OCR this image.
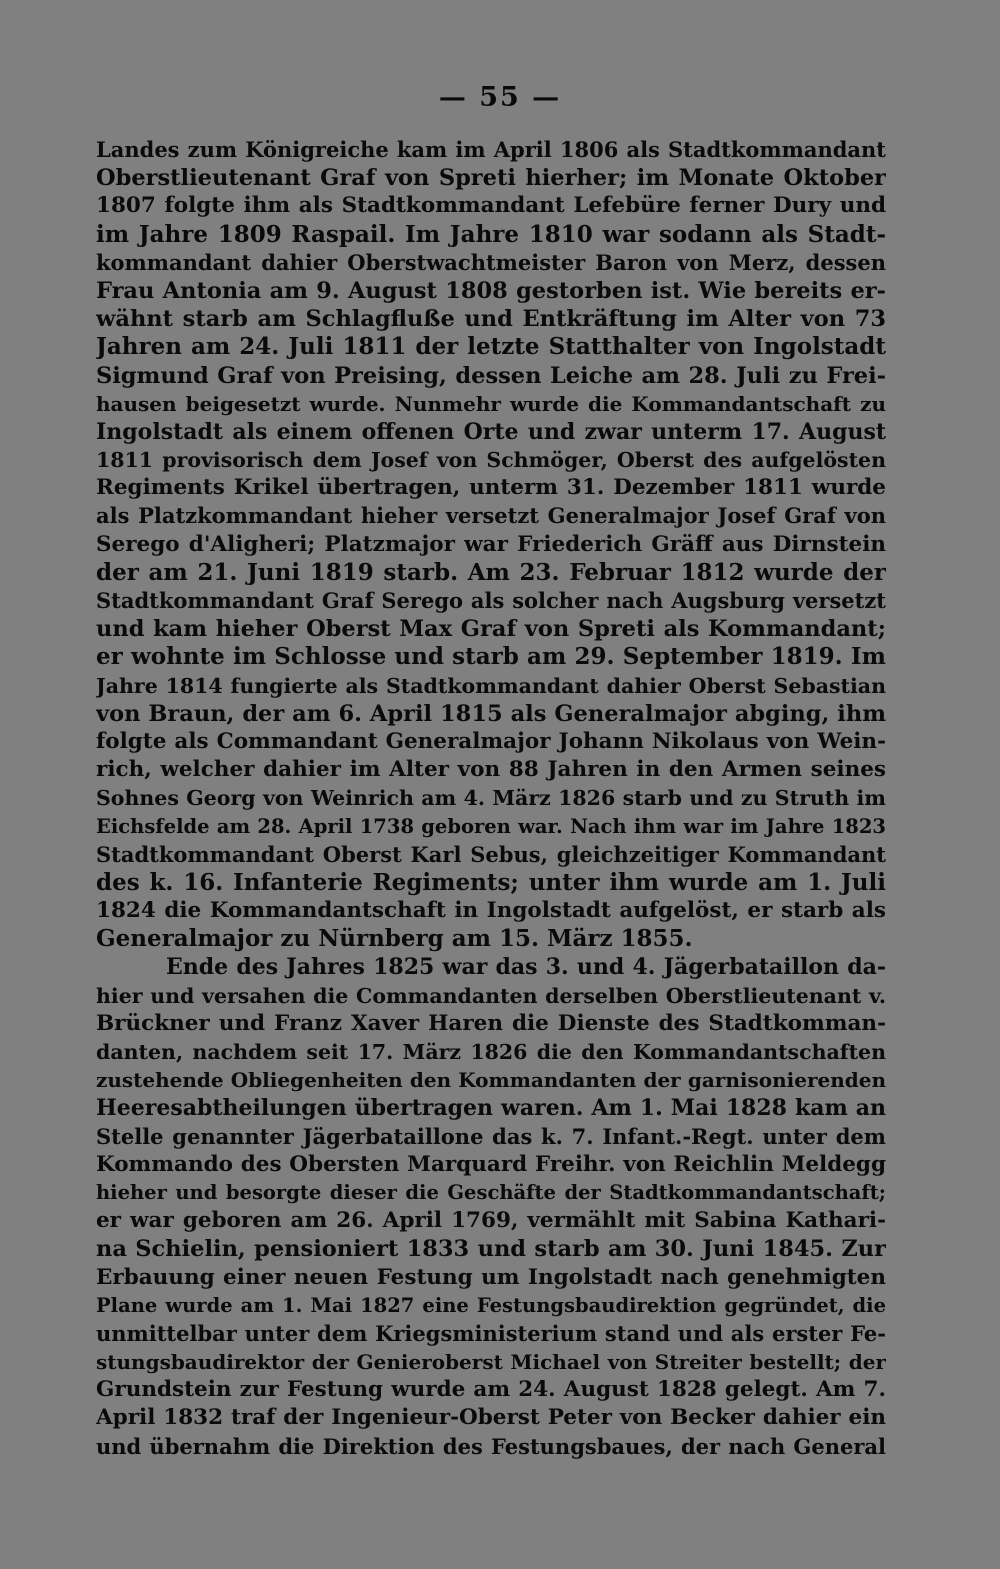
— 55 —
Landes zum Königreiche kam im April 1806 als Stadtkommandant
Oberstlieutenant Graf von Spreti hierher; im Monate Oktober
1807 folgte ihm als Stadtkommandant Lefebüre ferner Dury und
im Jahre 1809 Raspail. Im Jahre 1810 war sodann als Stadt-
kommandant dahier Oberstwachtmeister Baron von Merz, dessen
Frau Antonia am 9. August 1808 gestorben ist. Wie bereits er-
wähnt starb am Schlagfluße und Entkräftung im Alter von 73
Jahren am 24. Juli 1811 der letzte Statthalter von Ingolstadt
Sigmund Graf von Preising, dessen Leiche am 28. Juli zu Frei-
hausen beigesetzt wurde. Nunmehr wurde die Kommandantschaft zu
Ingolstadt als einem offenen Orte und zwar unterm 17. August
1811 provisorisch dem Josef von Schmöger, Oberst des aufgelösten
Regiments Krikel übertragen, unterm 31. Dezember 1811 wurde
als Platzkommandant hieher versetzt Generalmajor Josef Graf von
Serego d'Aligheri; Platzmajor war Friederich Gräff aus Dirnstein
der am 21. Juni 1819 starb. Am 23. Februar 1812 wurde der
Stadtkommandant Graf Serego als solcher nach Augsburg versetzt
und kam hieher Oberst Max Graf von Spreti als Kommandant;
er wohnte im Schlosse und starb am 29. September 1819. Im
Jahre 1814 fungierte als Stadtkommandant dahier Oberst Sebastian
von Braun, der am 6. April 1815 als Generalmajor abging, ihm
folgte als Commandant Generalmajor Johann Nikolaus von Wein-
rich, welcher dahier im Alter von 88 Jahren in den Armen seines
Sohnes Georg von Weinrich am 4. März 1826 starb und zu Struth im
Eichsfelde am 28. April 1738 geboren war. Nach ihm war im Jahre 1823
Stadtkommandant Oberst Karl Sebus, gleichzeitiger Kommandant
des k. 16. Infanterie Regiments; unter ihm wurde am 1. Juli
1824 die Kommandantschaft in Ingolstadt aufgelöst, er starb als
Generalmajor zu Nürnberg am 15. März 1855.
Ende des Jahres 1825 war das 3. und 4. Jägerbataillon da-
hier und versahen die Commandanten derselben Oberstlieutenant v.
Brückner und Franz Xaver Haren die Dienste des Stadtkomman-
danten, nachdem seit 17. März 1826 die den Kommandantschaften
zustehende Obliegenheiten den Kommandanten der garnisonierenden
Heeresabtheilungen übertragen waren. Am 1. Mai 1828 kam an
Stelle genannter Jägerbataillone das k. 7. Infant.-Regt. unter dem
Kommando des Obersten Marquard Freihr. von Reichlin Meldegg
hieher und besorgte dieser die Geschäfte der Stadtkommandantschaft;
er war geboren am 26. April 1769, vermählt mit Sabina Kathari-
na Schielin, pensioniert 1833 und starb am 30. Juni 1845. Zur
Erbauung einer neuen Festung um Ingolstadt nach genehmigten
Plane wurde am 1. Mai 1827 eine Festungsbaudirektion gegründet, die
unmittelbar unter dem Kriegsministerium stand und als erster Fe-
stungsbaudirektor der Genieroberst Michael von Streiter bestellt; der
Grundstein zur Festung wurde am 24. August 1828 gelegt. Am 7.
April 1832 traf der Ingenieur-Oberst Peter von Becker dahier ein
und übernahm die Direktion des Festungsbaues, der nach General
